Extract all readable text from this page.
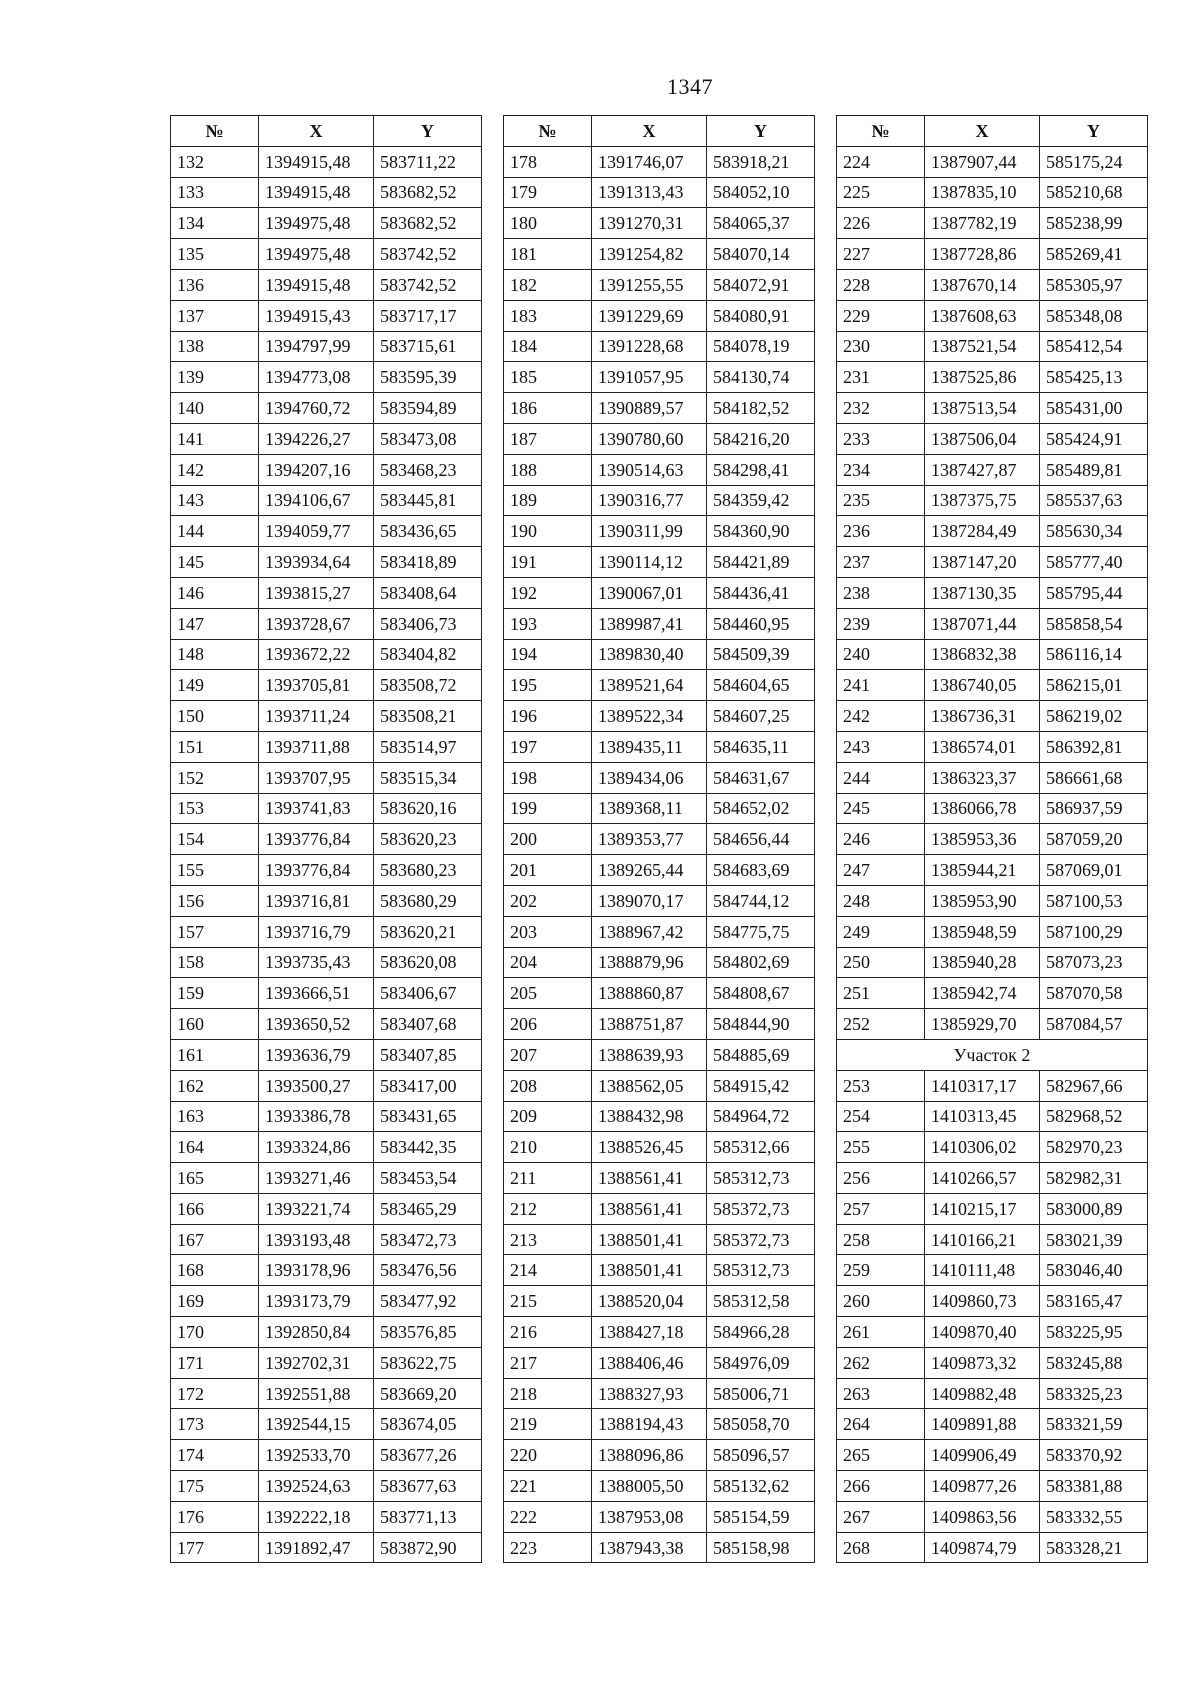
1347
№	X	Y
132	1394915,48	583711,22
133	1394915,48	583682,52
134	1394975,48	583682,52
135	1394975,48	583742,52
136	1394915,48	583742,52
137	1394915,43	583717,17
138	1394797,99	583715,61
139	1394773,08	583595,39
140	1394760,72	583594,89
141	1394226,27	583473,08
142	1394207,16	583468,23
143	1394106,67	583445,81
144	1394059,77	583436,65
145	1393934,64	583418,89
146	1393815,27	583408,64
147	1393728,67	583406,73
148	1393672,22	583404,82
149	1393705,81	583508,72
150	1393711,24	583508,21
151	1393711,88	583514,97
152	1393707,95	583515,34
153	1393741,83	583620,16
154	1393776,84	583620,23
155	1393776,84	583680,23
156	1393716,81	583680,29
157	1393716,79	583620,21
158	1393735,43	583620,08
159	1393666,51	583406,67
160	1393650,52	583407,68
161	1393636,79	583407,85
162	1393500,27	583417,00
163	1393386,78	583431,65
164	1393324,86	583442,35
165	1393271,46	583453,54
166	1393221,74	583465,29
167	1393193,48	583472,73
168	1393178,96	583476,56
169	1393173,79	583477,92
170	1392850,84	583576,85
171	1392702,31	583622,75
172	1392551,88	583669,20
173	1392544,15	583674,05
174	1392533,70	583677,26
175	1392524,63	583677,63
176	1392222,18	583771,13
177	1391892,47	583872,90
№	X	Y
178	1391746,07	583918,21
179	1391313,43	584052,10
180	1391270,31	584065,37
181	1391254,82	584070,14
182	1391255,55	584072,91
183	1391229,69	584080,91
184	1391228,68	584078,19
185	1391057,95	584130,74
186	1390889,57	584182,52
187	1390780,60	584216,20
188	1390514,63	584298,41
189	1390316,77	584359,42
190	1390311,99	584360,90
191	1390114,12	584421,89
192	1390067,01	584436,41
193	1389987,41	584460,95
194	1389830,40	584509,39
195	1389521,64	584604,65
196	1389522,34	584607,25
197	1389435,11	584635,11
198	1389434,06	584631,67
199	1389368,11	584652,02
200	1389353,77	584656,44
201	1389265,44	584683,69
202	1389070,17	584744,12
203	1388967,42	584775,75
204	1388879,96	584802,69
205	1388860,87	584808,67
206	1388751,87	584844,90
207	1388639,93	584885,69
208	1388562,05	584915,42
209	1388432,98	584964,72
210	1388526,45	585312,66
211	1388561,41	585312,73
212	1388561,41	585372,73
213	1388501,41	585372,73
214	1388501,41	585312,73
215	1388520,04	585312,58
216	1388427,18	584966,28
217	1388406,46	584976,09
218	1388327,93	585006,71
219	1388194,43	585058,70
220	1388096,86	585096,57
221	1388005,50	585132,62
222	1387953,08	585154,59
223	1387943,38	585158,98
№	X	Y
224	1387907,44	585175,24
225	1387835,10	585210,68
226	1387782,19	585238,99
227	1387728,86	585269,41
228	1387670,14	585305,97
229	1387608,63	585348,08
230	1387521,54	585412,54
231	1387525,86	585425,13
232	1387513,54	585431,00
233	1387506,04	585424,91
234	1387427,87	585489,81
235	1387375,75	585537,63
236	1387284,49	585630,34
237	1387147,20	585777,40
238	1387130,35	585795,44
239	1387071,44	585858,54
240	1386832,38	586116,14
241	1386740,05	586215,01
242	1386736,31	586219,02
243	1386574,01	586392,81
244	1386323,37	586661,68
245	1386066,78	586937,59
246	1385953,36	587059,20
247	1385944,21	587069,01
248	1385953,90	587100,53
249	1385948,59	587100,29
250	1385940,28	587073,23
251	1385942,74	587070,58
252	1385929,70	587084,57
Участок 2		
253	1410317,17	582967,66
254	1410313,45	582968,52
255	1410306,02	582970,23
256	1410266,57	582982,31
257	1410215,17	583000,89
258	1410166,21	583021,39
259	1410111,48	583046,40
260	1409860,73	583165,47
261	1409870,40	583225,95
262	1409873,32	583245,88
263	1409882,48	583325,23
264	1409891,88	583321,59
265	1409906,49	583370,92
266	1409877,26	583381,88
267	1409863,56	583332,55
268	1409874,79	583328,21
